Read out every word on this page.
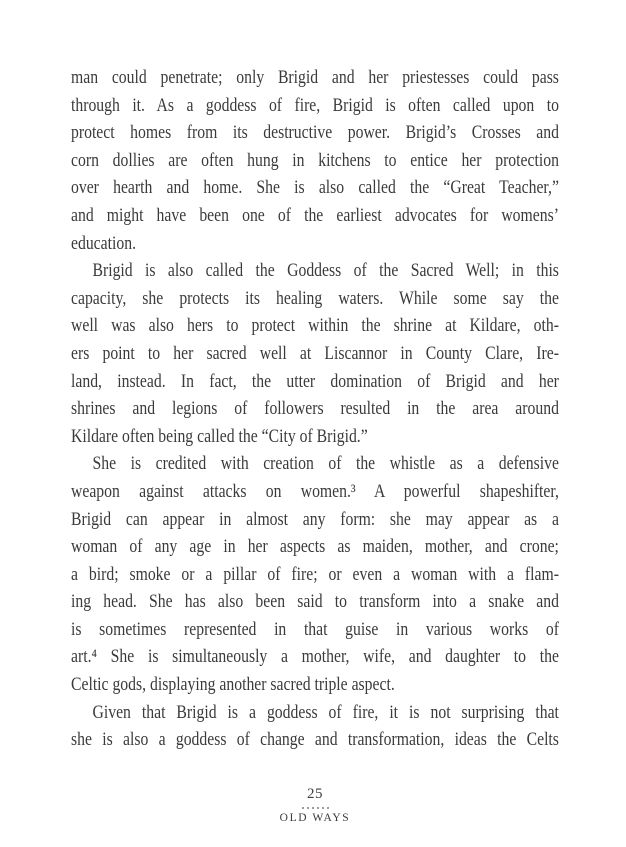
man could penetrate; only Brigid and her priestesses could pass
through it. As a goddess of fire, Brigid is often called upon to
protect homes from its destructive power. Brigid’s Crosses and
corn dollies are often hung in kitchens to entice her protection
over hearth and home. She is also called the “Great Teacher,”
and might have been one of the earliest advocates for womens’
education.
Brigid is also called the Goddess of the Sacred Well; in this
capacity, she protects its healing waters. While some say the
well was also hers to protect within the shrine at Kildare, oth-
ers point to her sacred well at Liscannor in County Clare, Ire-
land, instead. In fact, the utter domination of Brigid and her
shrines and legions of followers resulted in the area around
Kildare often being called the “City of Brigid.”
She is credited with creation of the whistle as a defensive
weapon against attacks on women.³ A powerful shapeshifter,
Brigid can appear in almost any form: she may appear as a
woman of any age in her aspects as maiden, mother, and crone;
a bird; smoke or a pillar of fire; or even a woman with a flam-
ing head. She has also been said to transform into a snake and
is sometimes represented in that guise in various works of
art.⁴ She is simultaneously a mother, wife, and daughter to the
Celtic gods, displaying another sacred triple aspect.
Given that Brigid is a goddess of fire, it is not surprising that
she is also a goddess of change and transformation, ideas the Celts
25
OLD WAYS
